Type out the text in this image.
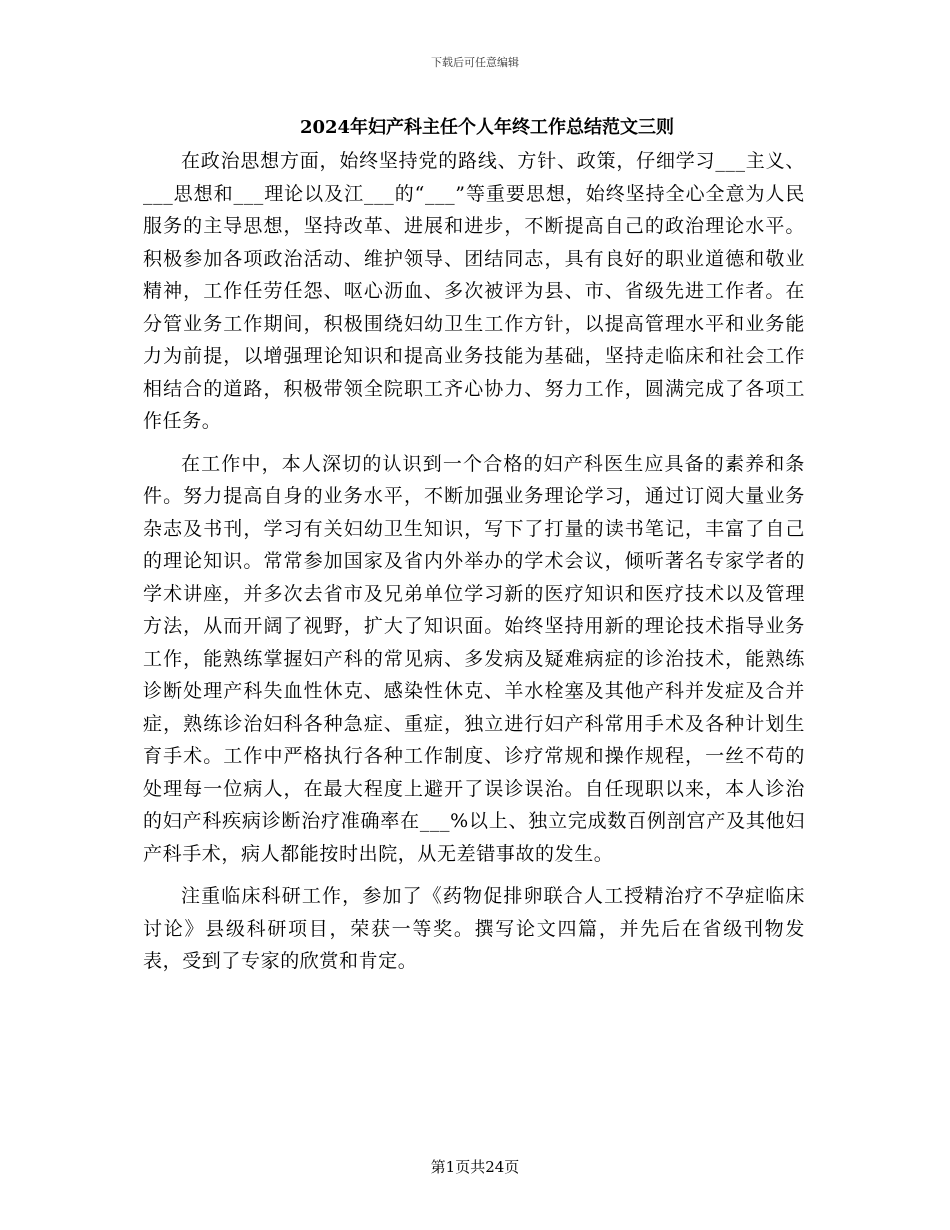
下载后可任意编辑
2024年妇产科主任个人年终工作总结范文三则

在政治思想方面，始终坚持党的路线、方针、政策，仔细学习___主义、___思想和___理论以及江___的“___”等重要思想，始终坚持全心全意为人民服务的主导思想，坚持改革、进展和进步，不断提高自己的政治理论水平。积极参加各项政治活动、维护领导、团结同志，具有良好的职业道德和敬业精神，工作任劳任怨、呕心沥血、多次被评为县、市、省级先进工作者。在分管业务工作期间，积极围绕妇幼卫生工作方针，以提高管理水平和业务能力为前提，以增强理论知识和提高业务技能为基础，坚持走临床和社会工作相结合的道路，积极带领全院职工齐心协力、努力工作，圆满完成了各项工作任务。

在工作中，本人深切的认识到一个合格的妇产科医生应具备的素养和条件。努力提高自身的业务水平，不断加强业务理论学习，通过订阅大量业务杂志及书刊，学习有关妇幼卫生知识，写下了打量的读书笔记，丰富了自己的理论知识。常常参加国家及省内外举办的学术会议，倾听著名专家学者的学术讲座，并多次去省市及兄弟单位学习新的医疗知识和医疗技术以及管理方法，从而开阔了视野，扩大了知识面。始终坚持用新的理论技术指导业务工作，能熟练掌握妇产科的常见病、多发病及疑难病症的诊治技术，能熟练诊断处理产科失血性休克、感染性休克、羊水栓塞及其他产科并发症及合并症，熟练诊治妇科各种急症、重症，独立进行妇产科常用手术及各种计划生育手术。工作中严格执行各种工作制度、诊疗常规和操作规程，一丝不苟的处理每一位病人，在最大程度上避开了误诊误治。自任现职以来，本人诊治的妇产科疾病诊断治疗准确率在___%以上、独立完成数百例剖宫产及其他妇产科手术，病人都能按时出院，从无差错事故的发生。

注重临床科研工作，参加了《药物促排卵联合人工授精治疗不孕症临床讨论》县级科研项目，荣获一等奖。撰写论文四篇，并先后在省级刊物发表，受到了专家的欣赏和肯定。

第1页共24页
